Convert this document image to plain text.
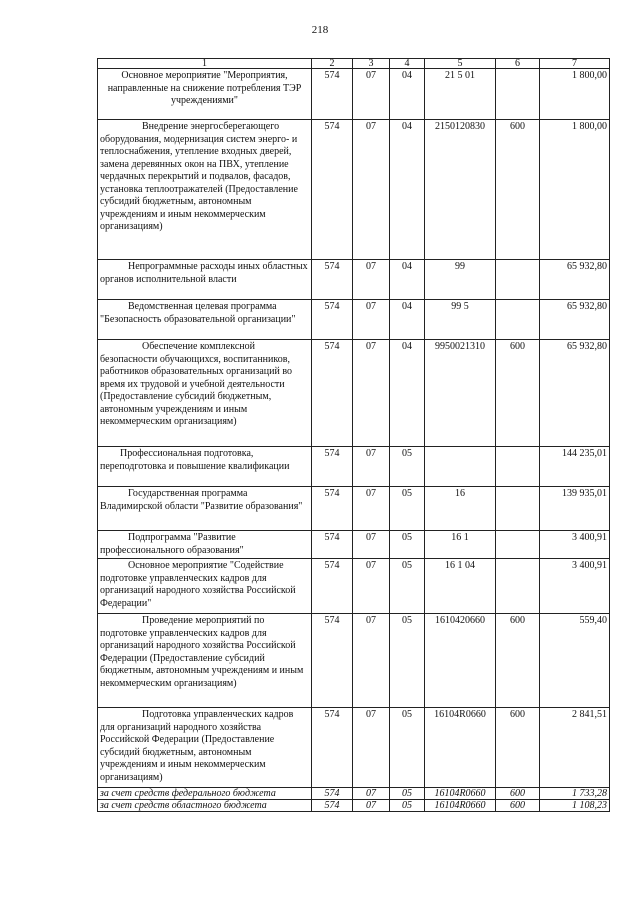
218
1	2	3	4	5	6	7
Основное мероприятие "Мероприятия, направленные на снижение потребления ТЭР учреждениями"	574	07	04	21 5 01		1 800,00
Внедрение энергосберегающего оборудования, модернизация систем энерго- и теплоснабжения, утепление входных дверей, замена деревянных окон на ПВХ, утепление чердачных перекрытий и подвалов, фасадов, установка теплоотражателей (Предоставление субсидий бюджетным, автономным учреждениям и иным некоммерческим организациям)	574	07	04	2150120830	600	1 800,00
Непрограммные расходы иных областных органов исполнительной власти	574	07	04	99		65 932,80
Ведомственная целевая программа "Безопасность образовательной организации"	574	07	04	99 5		65 932,80
Обеспечение комплексной безопасности обучающихся, воспитанников, работников образовательных организаций во время их трудовой и учебной деятельности (Предоставление субсидий бюджетным, автономным учреждениям и иным некоммерческим организациям)	574	07	04	9950021310	600	65 932,80
Профессиональная подготовка, переподготовка и повышение квалификации	574	07	05			144 235,01
Государственная программа Владимирской области "Развитие образования"	574	07	05	16		139 935,01
Подпрограмма "Развитие профессионального образования"	574	07	05	16 1		3 400,91
Основное мероприятие "Содействие подготовке управленческих кадров для организаций народного хозяйства Российской Федерации"	574	07	05	16 1 04		3 400,91
Проведение мероприятий по подготовке управленческих кадров для организаций народного хозяйства Российской Федерации (Предоставление субсидий бюджетным, автономным учреждениям и иным некоммерческим организациям)	574	07	05	1610420660	600	559,40
Подготовка управленческих кадров для организаций народного хозяйства Российской Федерации (Предоставление субсидий бюджетным, автономным учреждениям и иным некоммерческим организациям)	574	07	05	16104R0660	600	2 841,51
за счет средств федерального бюджета	574	07	05	16104R0660	600	1 733,28
за счет средств областного бюджета	574	07	05	16104R0660	600	1 108,23
